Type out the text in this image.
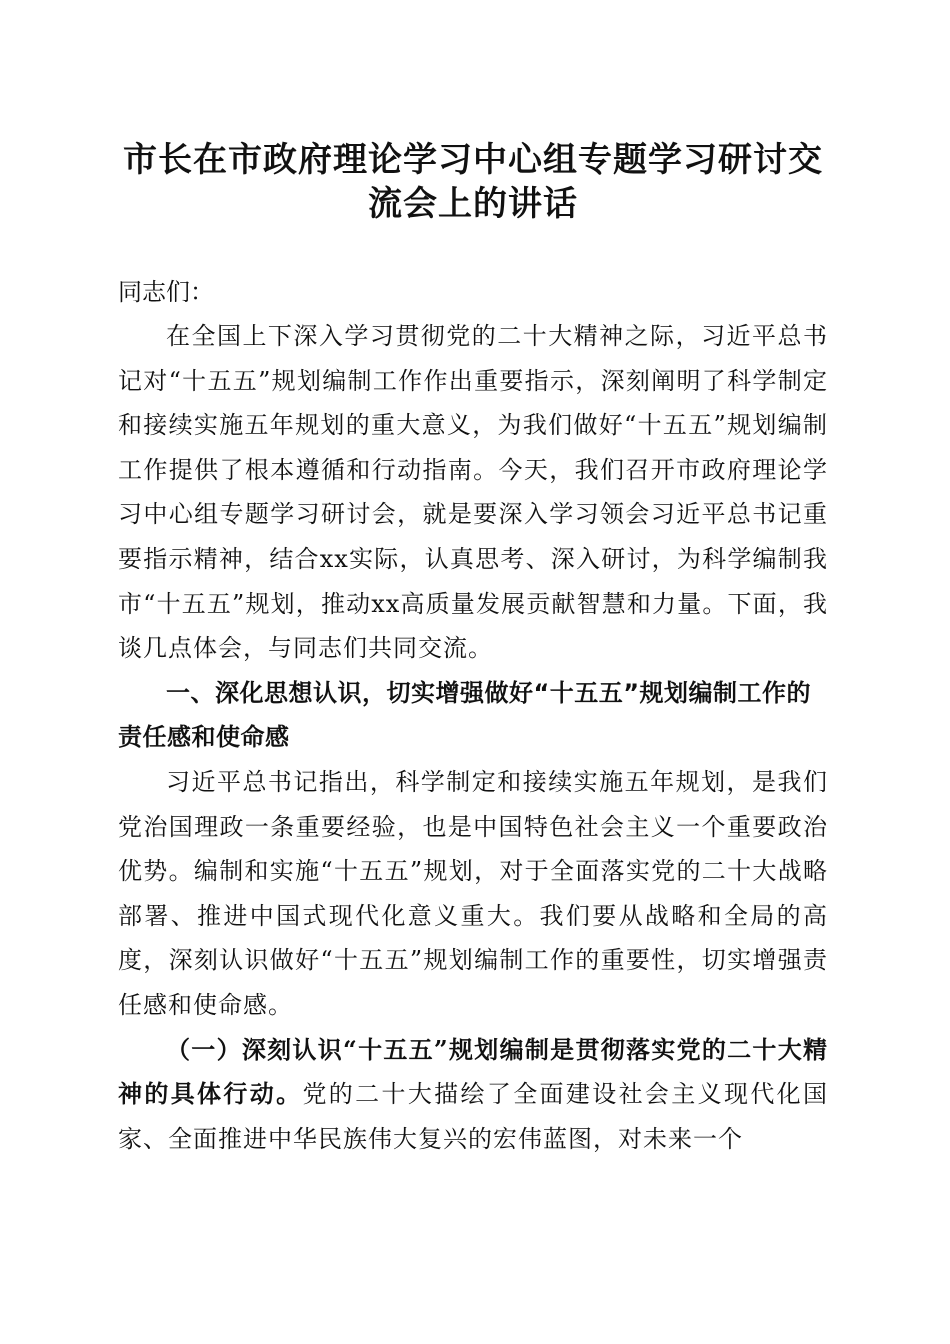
市长在市政府理论学习中心组专题学习研讨交
流会上的讲话
同志们：

在全国上下深入学习贯彻党的二十大精神之际，习近平总书记对“十五五”规划编制工作作出重要指示，深刻阐明了科学制定和接续实施五年规划的重大意义，为我们做好“十五五”规划编制工作提供了根本遵循和行动指南。今天，我们召开市政府理论学习中心组专题学习研讨会，就是要深入学习领会习近平总书记重要指示精神，结合xx实际，认真思考、深入研讨，为科学编制我市“十五五”规划，推动xx高质量发展贡献智慧和力量。下面，我谈几点体会，与同志们共同交流。

一、深化思想认识，切实增强做好“十五五”规划编制工作的责任感和使命感

习近平总书记指出，科学制定和接续实施五年规划，是我们党治国理政一条重要经验，也是中国特色社会主义一个重要政治优势。编制和实施“十五五”规划，对于全面落实党的二十大战略部署、推进中国式现代化意义重大。我们要从战略和全局的高度，深刻认识做好“十五五”规划编制工作的重要性，切实增强责任感和使命感。

（一）深刻认识“十五五”规划编制是贯彻落实党的二十大精神的具体行动。党的二十大描绘了全面建设社会主义现代化国家、全面推进中华民族伟大复兴的宏伟蓝图，对未来一个
